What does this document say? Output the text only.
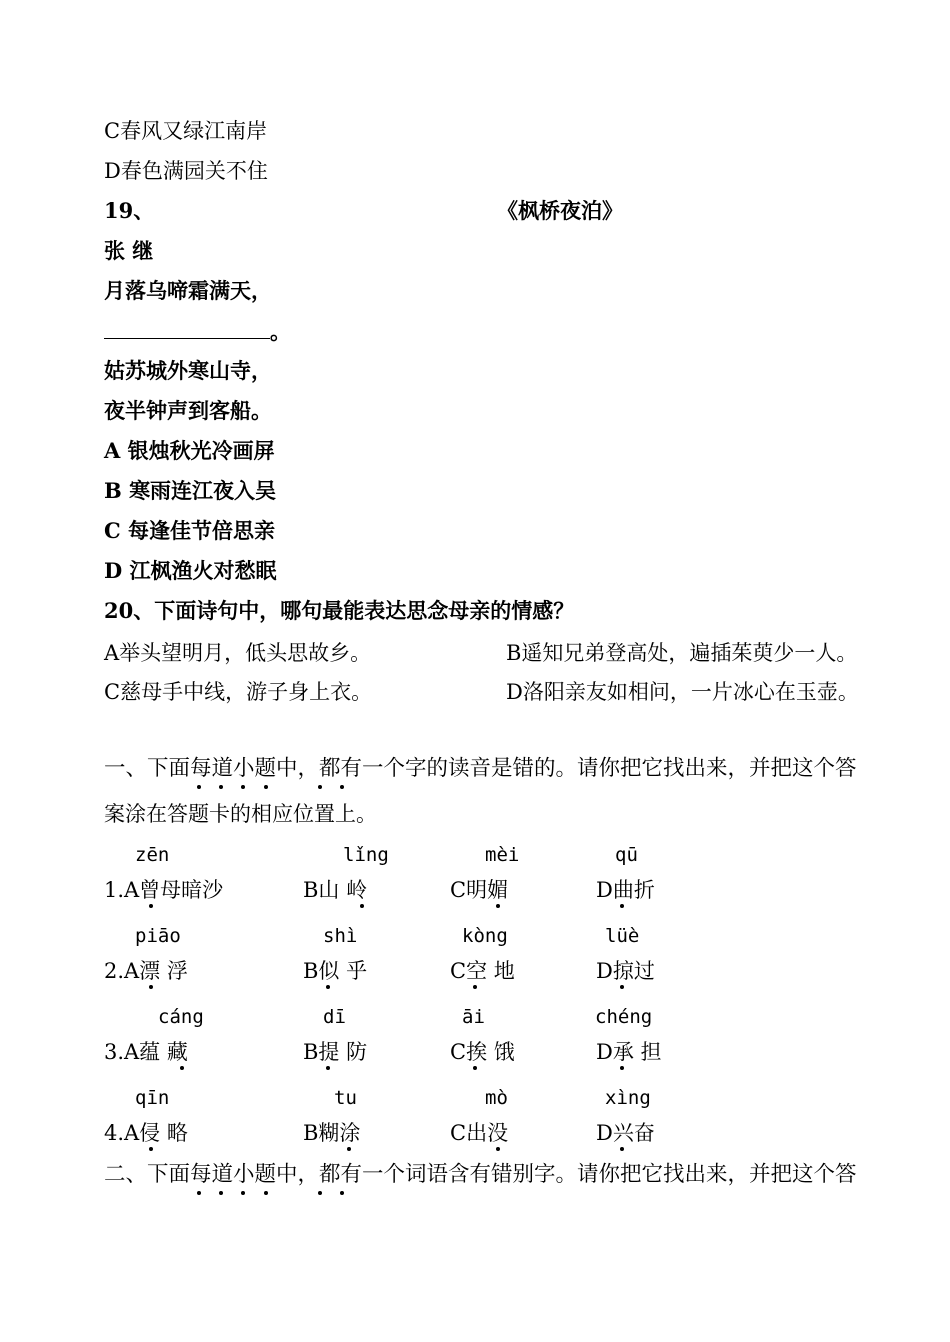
C春风又绿江南岸
D春色满园关不住
19、	《枫桥夜泊》
张 继
月落乌啼霜满天，
。
姑苏城外寒山寺，
夜半钟声到客船。
A 银烛秋光冷画屏
B 寒雨连江夜入吴
C 每逢佳节倍思亲
D 江枫渔火对愁眠
20、下面诗句中，哪句最能表达思念母亲的情感？
A举头望明月，低头思故乡。	B遥知兄弟登高处，遍插茱萸少一人。
C慈母手中线，游子身上衣。	D洛阳亲友如相问，一片冰心在玉壶。
一、下面每道小题中，都有一个字的读音是错的。请你把它找出来，并把这个答
案涂在答题卡的相应位置上。
zēn	lǐng	mèi	qū
1. A曾母暗沙	B山 岭	C明媚	D曲折
piāo	shì	kòng	lüè
2. A漂 浮	B似 乎	C空 地	D掠过
cáng	dī	āi	chéng
3. A蕴 藏	B提 防	C挨 饿	D承 担
qīn	tu	mò	xìng
4. A侵 略	B糊涂	C出没	D兴奋
二、下面每道小题中，都有一个词语含有错别字。请你把它找出来，并把这个答
